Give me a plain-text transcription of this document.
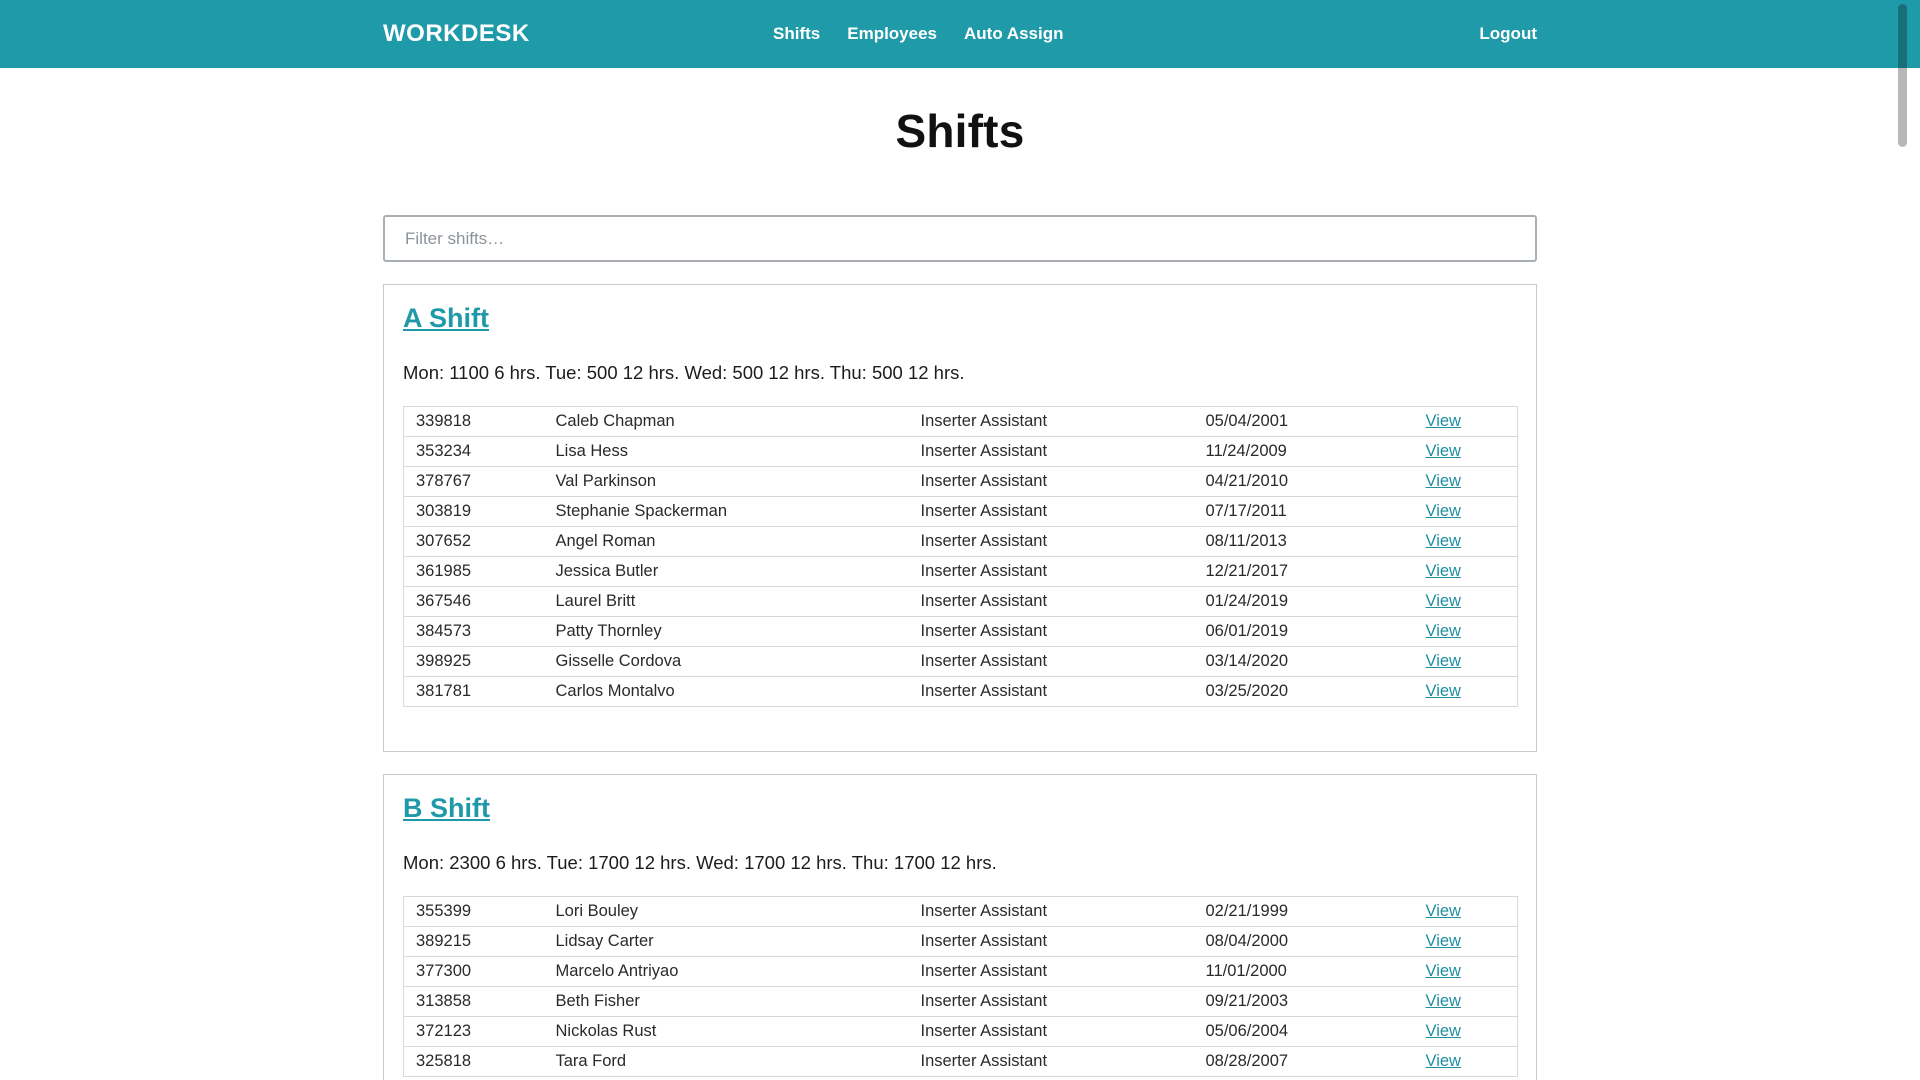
WORKDESK	Shifts Employees Auto Assign	Logout
Shifts
Filter shifts…
A Shift

Mon: 1100 6 hrs. Tue: 500 12 hrs. Wed: 500 12 hrs. Thu: 500 12 hrs.

339818	Caleb Chapman	Inserter Assistant	05/04/2001	View
353234	Lisa Hess	Inserter Assistant	11/24/2009	View
378767	Val Parkinson	Inserter Assistant	04/21/2010	View
303819	Stephanie Spackerman	Inserter Assistant	07/17/2011	View
307652	Angel Roman	Inserter Assistant	08/11/2013	View
361985	Jessica Butler	Inserter Assistant	12/21/2017	View
367546	Laurel Britt	Inserter Assistant	01/24/2019	View
384573	Patty Thornley	Inserter Assistant	06/01/2019	View
398925	Gisselle Cordova	Inserter Assistant	03/14/2020	View
381781	Carlos Montalvo	Inserter Assistant	03/25/2020	View
B Shift

Mon: 2300 6 hrs. Tue: 1700 12 hrs. Wed: 1700 12 hrs. Thu: 1700 12 hrs.

355399	Lori Bouley	Inserter Assistant	02/21/1999	View
389215	Lidsay Carter	Inserter Assistant	08/04/2000	View
377300	Marcelo Antriyao	Inserter Assistant	11/01/2000	View
313858	Beth Fisher	Inserter Assistant	09/21/2003	View
372123	Nickolas Rust	Inserter Assistant	05/06/2004	View
325818	Tara Ford	Inserter Assistant	08/28/2007	View
